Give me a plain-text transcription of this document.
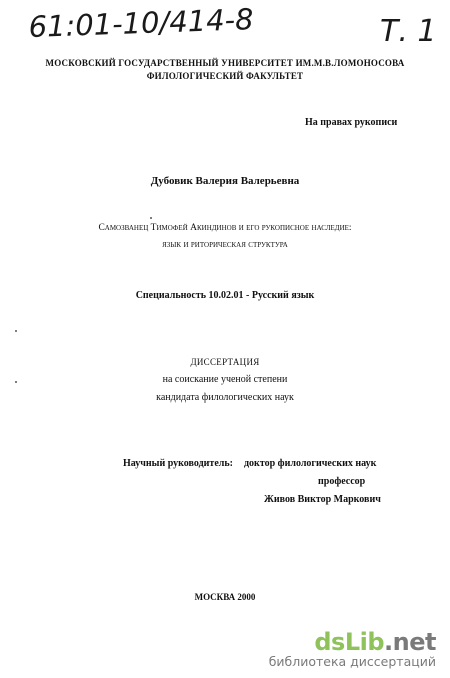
61:01-10/414-8	Т. 1
МОСКОВСКИЙ ГОСУДАРСТВЕННЫЙ УНИВЕРСИТЕТ ИМ.М.В.ЛОМОНОСОВА
ФИЛОЛОГИЧЕСКИЙ ФАКУЛЬТЕТ
На правах рукописи
Дубовик Валерия Валерьевна
Самозванец Тимофей Акиндинов и его рукописное наследие:
язык и риторическая структура
Специальность 10.02.01 - Русский язык
ДИССЕРТАЦИЯ
на соискание ученой степени
кандидата филологических наук
Научный руководитель: доктор филологических наук
профессор
Живов Виктор Маркович
МОСКВА 2000
dsLib.net
библиотека диссертаций
